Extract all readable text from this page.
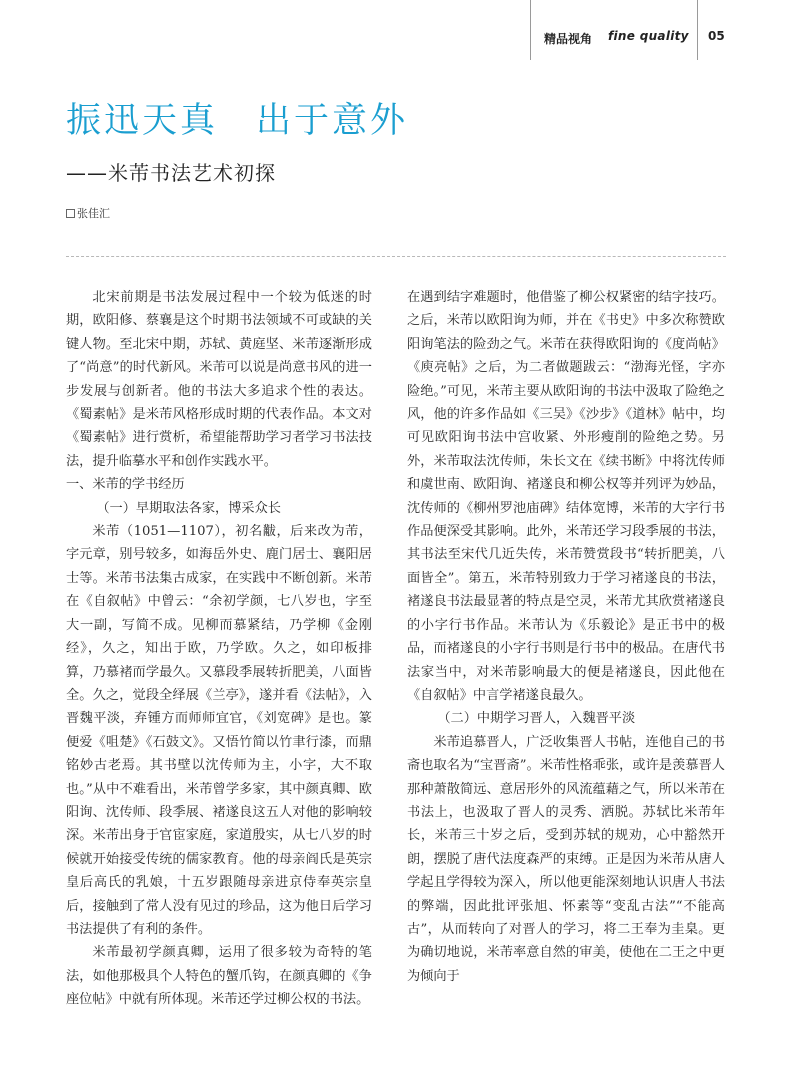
精品视角 fine quality 05
振迅天真　出于意外
——米芾书法艺术初探
张佳汇

北宋前期是书法发展过程中一个较为低迷的时期，欧阳修、蔡襄是这个时期书法领域不可或缺的关键人物。至北宋中期，苏轼、黄庭坚、米芾逐渐形成了“尚意”的时代新风。米芾可以说是尚意书风的进一步发展与创新者。他的书法大多追求个性的表达。《蜀素帖》是米芾风格形成时期的代表作品。本文对《蜀素帖》进行赏析，希望能帮助学习者学习书法技法，提升临摹水平和创作实践水平。

一、米芾的学书经历

（一）早期取法各家，博采众长

米芾（1051—1107），初名黻，后来改为芾，字元章，别号较多，如海岳外史、鹿门居士、襄阳居士等。米芾书法集古成家，在实践中不断创新。米芾在《自叙帖》中曾云：“余初学颜，七八岁也，字至大一副，写简不成。见柳而慕紧结，乃学柳《金刚经》，久之，知出于欧，乃学欧。久之，如印板排算，乃慕褚而学最久。又慕段季展转折肥美，八面皆全。久之，觉段全绎展《兰亭》，遂并看《法帖》，入晋魏平淡，弃锺方而师师宜官，《刘宽碑》是也。篆便爱《咀楚》《石鼓文》。又悟竹简以竹聿行漆，而鼎铭妙古老焉。其书壁以沈传师为主，小字，大不取也。”从中不难看出，米芾曾学多家，其中颜真卿、欧阳询、沈传师、段季展、褚遂良这五人对他的影响较深。米芾出身于官宦家庭，家道殷实，从七八岁的时候就开始接受传统的儒家教育。他的母亲阎氏是英宗皇后高氏的乳娘，十五岁跟随母亲进京侍奉英宗皇后，接触到了常人没有见过的珍品，这为他日后学习书法提供了有利的条件。

米芾最初学颜真卿，运用了很多较为奇特的笔法，如他那极具个人特色的蟹爪钩，在颜真卿的《争座位帖》中就有所体现。米芾还学过柳公权的书法。

在遇到结字难题时，他借鉴了柳公权紧密的结字技巧。之后，米芾以欧阳询为师，并在《书史》中多次称赞欧阳询笔法的险劲之气。米芾在获得欧阳询的《度尚帖》《庾亮帖》之后，为二者做题跋云：“渤海光怪，字亦险绝。”可见，米芾主要从欧阳询的书法中汲取了险绝之风，他的许多作品如《三吴》《沙步》《道林》帖中，均可见欧阳询书法中宫收紧、外形瘦削的险绝之势。另外，米芾取法沈传师，朱长文在《续书断》中将沈传师和虞世南、欧阳询、褚遂良和柳公权等并列评为妙品，沈传师的《柳州罗池庙碑》结体宽博，米芾的大字行书作品便深受其影响。此外，米芾还学习段季展的书法，其书法至宋代几近失传，米芾赞赏段书“转折肥美，八面皆全”。第五，米芾特别致力于学习褚遂良的书法，褚遂良书法最显著的特点是空灵，米芾尤其欣赏褚遂良的小字行书作品。米芾认为《乐毅论》是正书中的极品，而褚遂良的小字行书则是行书中的极品。在唐代书法家当中，对米芾影响最大的便是褚遂良，因此他在《自叙帖》中言学褚遂良最久。

（二）中期学习晋人，入魏晋平淡

米芾追慕晋人，广泛收集晋人书帖，连他自己的书斋也取名为“宝晋斋”。米芾性格乖张，或许是羡慕晋人那种萧散简远、意居形外的风流蕴藉之气，所以米芾在书法上，也汲取了晋人的灵秀、洒脱。苏轼比米芾年长，米芾三十岁之后，受到苏轼的规劝，心中豁然开朗，摆脱了唐代法度森严的束缚。正是因为米芾从唐人学起且学得较为深入，所以他更能深刻地认识唐人书法的弊端，因此批评张旭、怀素等“变乱古法”“不能高古”，从而转向了对晋人的学习，将二王奉为圭臬。更为确切地说，米芾率意自然的审美，使他在二王之中更为倾向于
